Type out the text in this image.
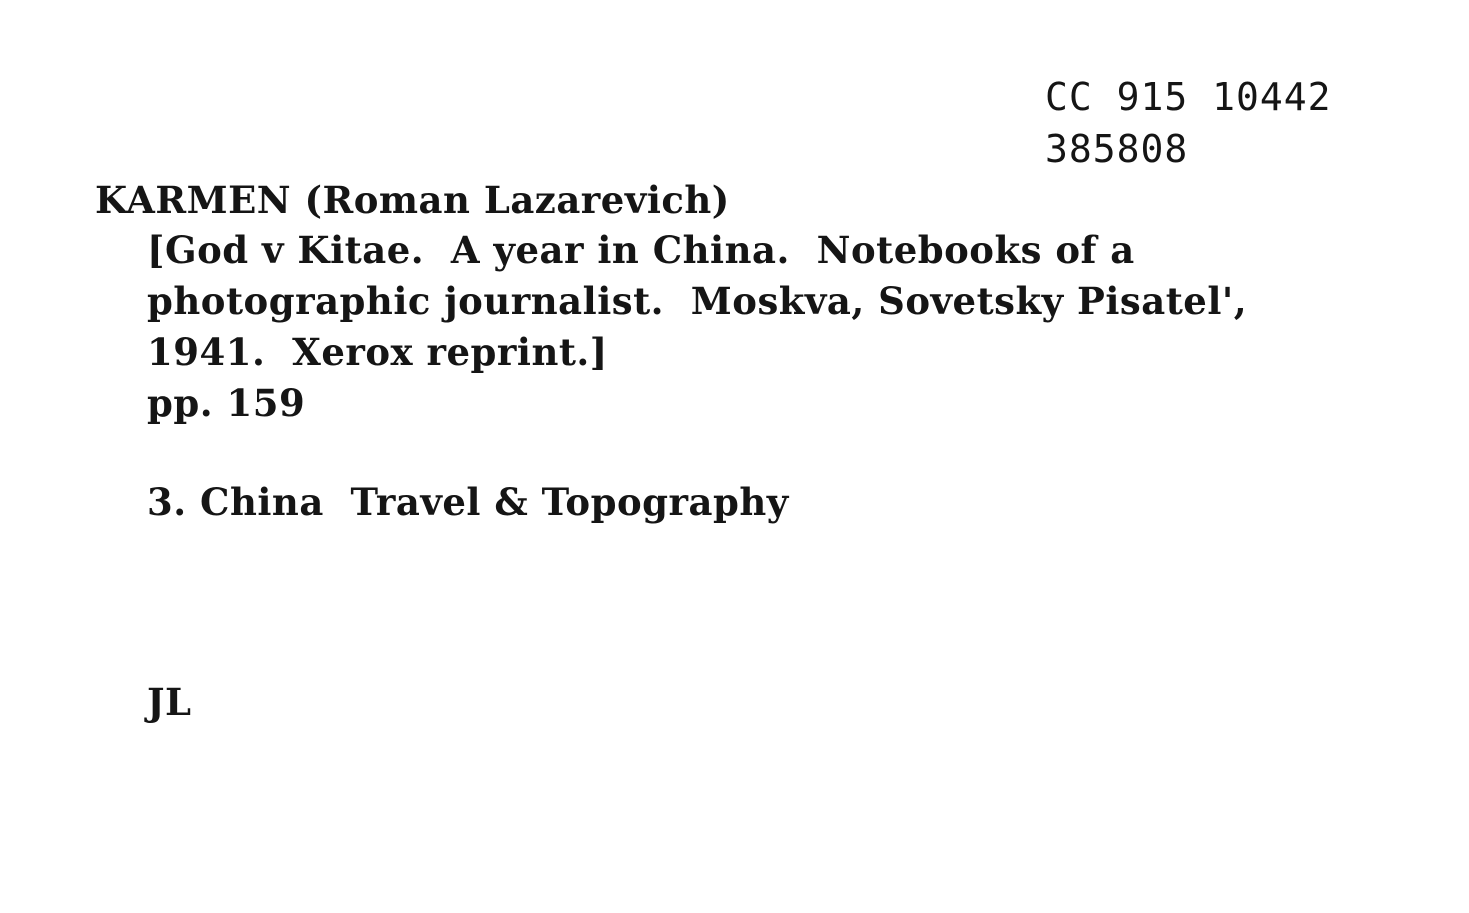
CC 915 10442
385808
KARMEN (Roman Lazarevich)
[God v Kitae.  A year in China.  Notebooks of a
photographic journalist.  Moskva, Sovetsky Pisatel',
1941.  Xerox reprint.]
pp. 159
3. China  Travel & Topography
JL
